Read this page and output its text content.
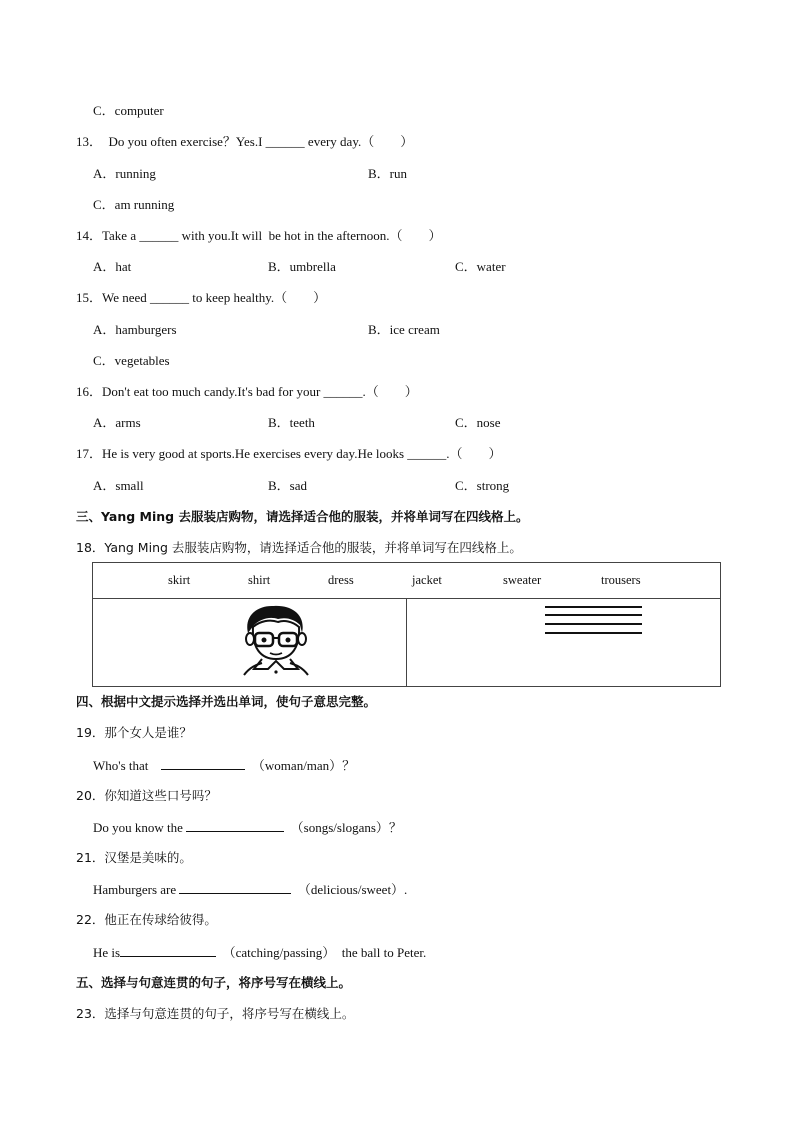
C．computer
13．  Do you often exercise？Yes.I ______ every day.（        ）
A．running	B．run
C．am running
14．Take a ______ with you.It will  be hot in the afternoon.（        ）
A．hat	B．umbrella	C．water
15．We need ______ to keep healthy.（        ）
A．hamburgers	B．ice cream
C．vegetables
16．Don't eat too much candy.It's bad for your ______.（        ）
A．arms	B．teeth	C．nose
17．He is very good at sports.He exercises every day.He looks ______.（        ）
A．small	B．sad	C．strong
三、Yang Ming 去服装店购物，请选择适合他的服装，并将单词写在四线格上。
18．Yang Ming 去服装店购物，请选择适合他的服装，并将单词写在四线格上。
skirt	shirt	dress	jacket	sweater	trousers

四、根据中文提示选择并选出单词，使句子意思完整。
19．那个女人是谁？
Who's that	（woman/man）？
20．你知道这些口号吗？
Do you know the	（songs/slogans）？
21．汉堡是美味的。
Hamburgers are	（delicious/sweet）.
22．他正在传球给彼得。
He is	（catching/passing）  the ball to Peter.
五、选择与句意连贯的句子，将序号写在横线上。
23．选择与句意连贯的句子，将序号写在横线上。
